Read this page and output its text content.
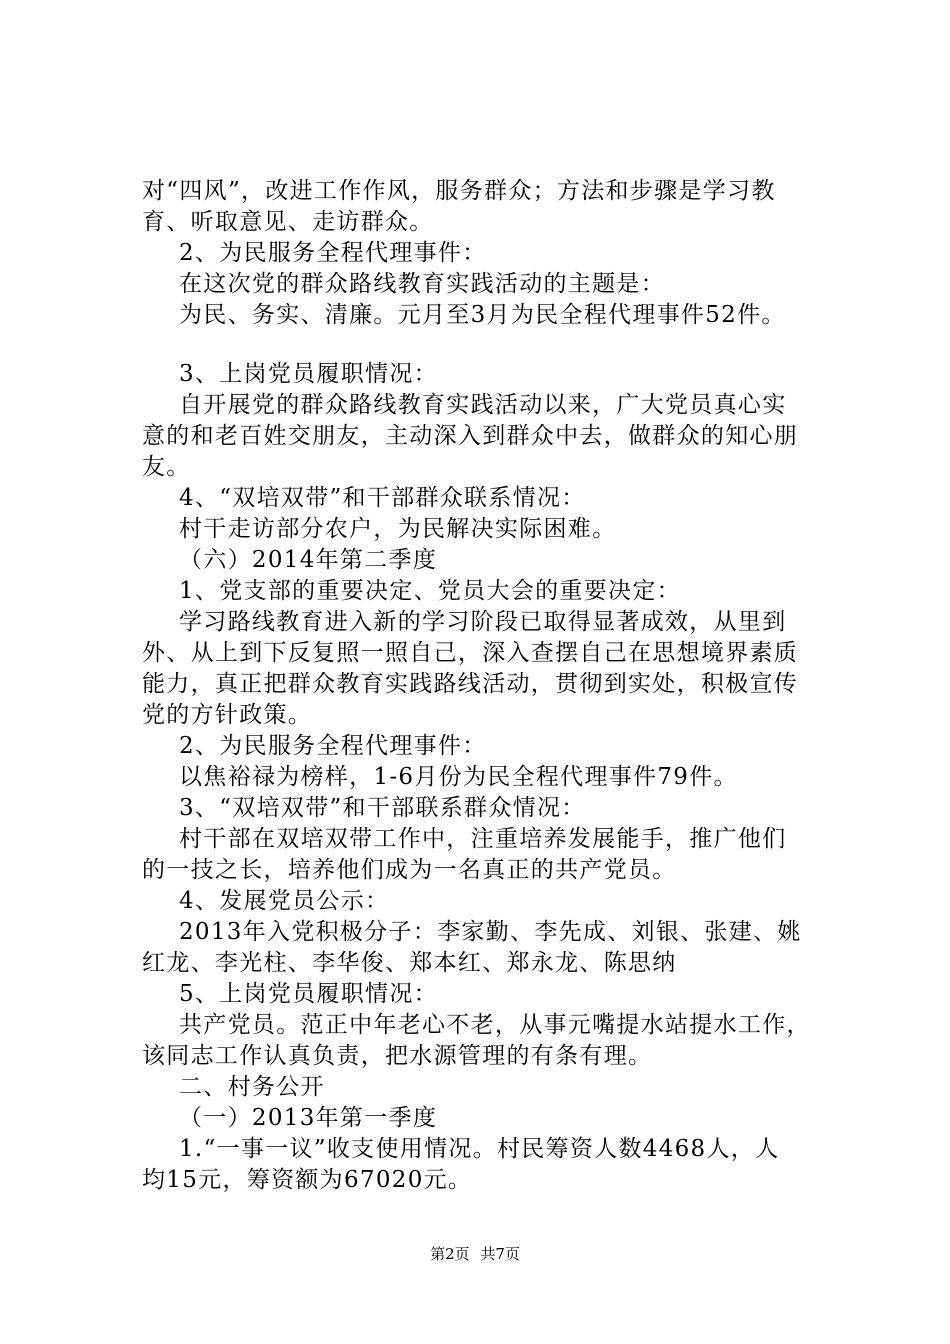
对“四风”，改进工作作风，服务群众；方法和步骤是学习教
育、听取意见、走访群众。
2、为民服务全程代理事件：
在这次党的群众路线教育实践活动的主题是：
为民、务实、清廉。元月至3月为民全程代理事件52件。
3、上岗党员履职情况：
自开展党的群众路线教育实践活动以来，广大党员真心实
意的和老百姓交朋友，主动深入到群众中去，做群众的知心朋
友。
4、“双培双带”和干部群众联系情况：
村干走访部分农户，为民解决实际困难。
（六）2014年第二季度
1、党支部的重要决定、党员大会的重要决定：
学习路线教育进入新的学习阶段已取得显著成效，从里到
外、从上到下反复照一照自己，深入查摆自己在思想境界素质
能力，真正把群众教育实践路线活动，贯彻到实处，积极宣传
党的方针政策。
2、为民服务全程代理事件：
以焦裕禄为榜样，1-6月份为民全程代理事件79件。
3、“双培双带”和干部联系群众情况：
村干部在双培双带工作中，注重培养发展能手，推广他们
的一技之长，培养他们成为一名真正的共产党员。
4、发展党员公示：
2013年入党积极分子：李家勤、李先成、刘银、张建、姚
红龙、李光柱、李华俊、郑本红、郑永龙、陈思纳
5、上岗党员履职情况：
共产党员。范正中年老心不老，从事元嘴提水站提水工作，
该同志工作认真负责，把水源管理的有条有理。
二、村务公开
（一）2013年第一季度
1.“一事一议”收支使用情况。村民筹资人数4468人，人
均15元，筹资额为67020元。
第2页 共7页
